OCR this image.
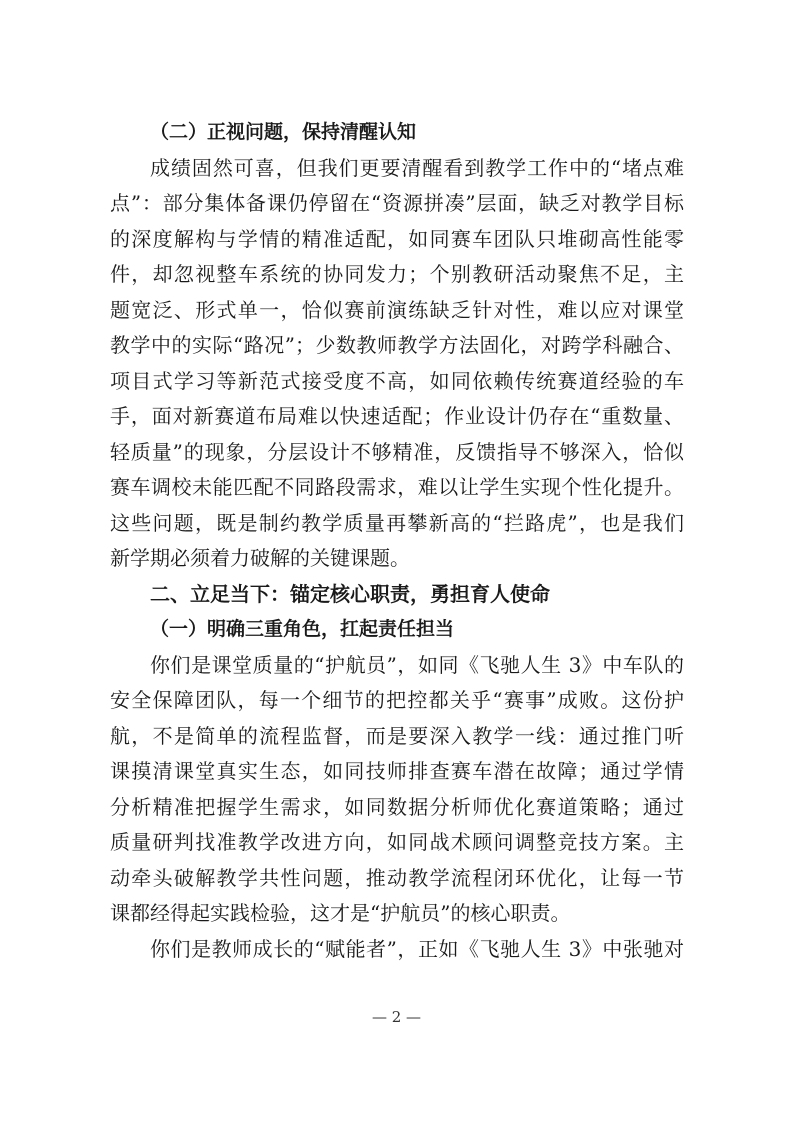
（二）正视问题，保持清醒认知
成绩固然可喜，但我们更要清醒看到教学工作中的“堵点难
点”：部分集体备课仍停留在“资源拼凑”层面，缺乏对教学目标
的深度解构与学情的精准适配，如同赛车团队只堆砌高性能零
件，却忽视整车系统的协同发力；个别教研活动聚焦不足，主
题宽泛、形式单一，恰似赛前演练缺乏针对性，难以应对课堂
教学中的实际“路况”；少数教师教学方法固化，对跨学科融合、
项目式学习等新范式接受度不高，如同依赖传统赛道经验的车
手，面对新赛道布局难以快速适配；作业设计仍存在“重数量、
轻质量”的现象，分层设计不够精准，反馈指导不够深入，恰似
赛车调校未能匹配不同路段需求，难以让学生实现个性化提升。
这些问题，既是制约教学质量再攀新高的“拦路虎”，也是我们
新学期必须着力破解的关键课题。
二、立足当下：锚定核心职责，勇担育人使命
（一）明确三重角色，扛起责任担当
你们是课堂质量的“护航员”，如同《飞驰人生 3》中车队的
安全保障团队，每一个细节的把控都关乎“赛事”成败。这份护
航，不是简单的流程监督，而是要深入教学一线：通过推门听
课摸清课堂真实生态，如同技师排查赛车潜在故障；通过学情
分析精准把握学生需求，如同数据分析师优化赛道策略；通过
质量研判找准教学改进方向，如同战术顾问调整竞技方案。主
动牵头破解教学共性问题，推动教学流程闭环优化，让每一节
课都经得起实践检验，这才是“护航员”的核心职责。
你们是教师成长的“赋能者”，正如《飞驰人生 3》中张驰对
— 2 —
